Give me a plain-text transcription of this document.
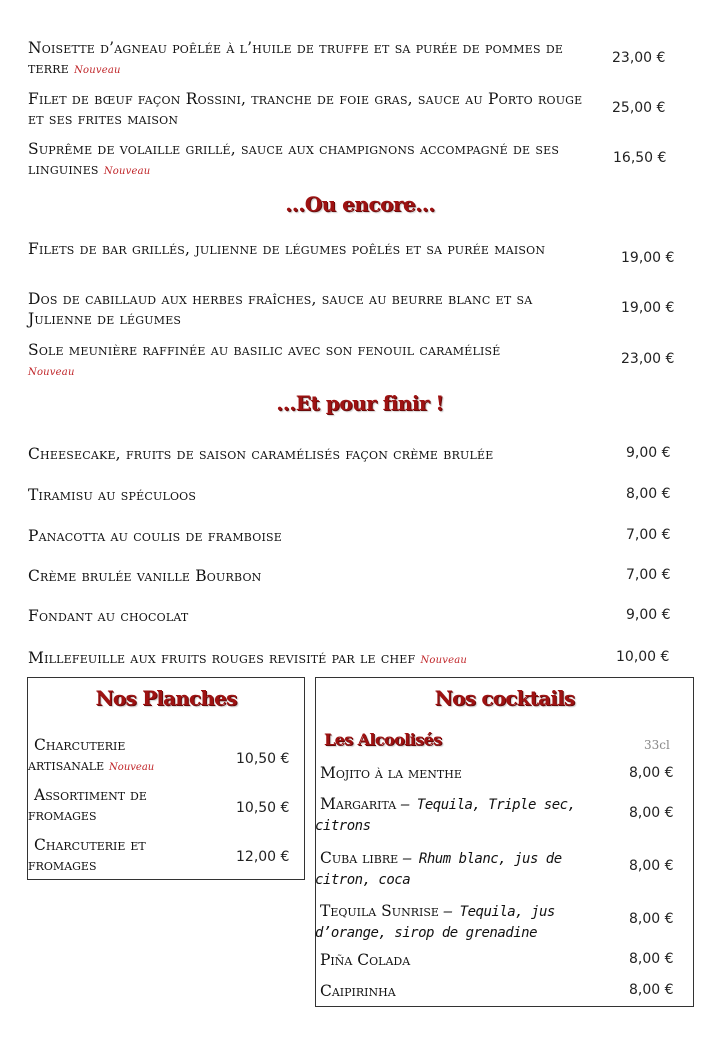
Noisette d’agneau poêlée à l’huile de truffe et sa purée de pommes de terre Nouveau
23,00 €
Filet de bœuf façon Rossini, tranche de foie gras, sauce au Porto rouge et ses frites maison
25,00 €
Suprême de volaille grillé, sauce aux champignons accompagné de ses linguines Nouveau
16,50 €
…Ou encore…
Filets de bar grillés, julienne de légumes poêlés et sa purée maison	19,00 €
Dos de cabillaud aux herbes fraîches, sauce au beurre blanc et sa Julienne de légumes
19,00 €
Sole meunière raffinée au basilic avec son fenouil caramélisé
Nouveau
23,00 €
…Et pour finir !
Cheesecake, fruits de saison caramélisés façon crème brulée	9,00 €
Tiramisu au spéculoos	8,00 €
Panacotta au coulis de framboise	7,00 €
Crème brulée vanille Bourbon	7,00 €
Fondant au chocolat	9,00 €
Millefeuille aux fruits rouges revisité par le chef Nouveau	10,00 €
Nos Planches
Charcuterie
artisanale Nouveau
10,50 €
Assortiment de
fromages	10,50 €
Charcuterie et
fromages	12,00 €
Nos cocktails
Les Alcoolisés	33cl
Mojito à la menthe	8,00 €
Margarita – Tequila, Triple sec,
citrons
8,00 €
Cuba libre – Rhum blanc, jus de
citron, coca
8,00 €
Tequila Sunrise – Tequila, jus
d’orange, sirop de grenadine
8,00 €
Piña Colada	8,00 €
Caipirinha	8,00 €
